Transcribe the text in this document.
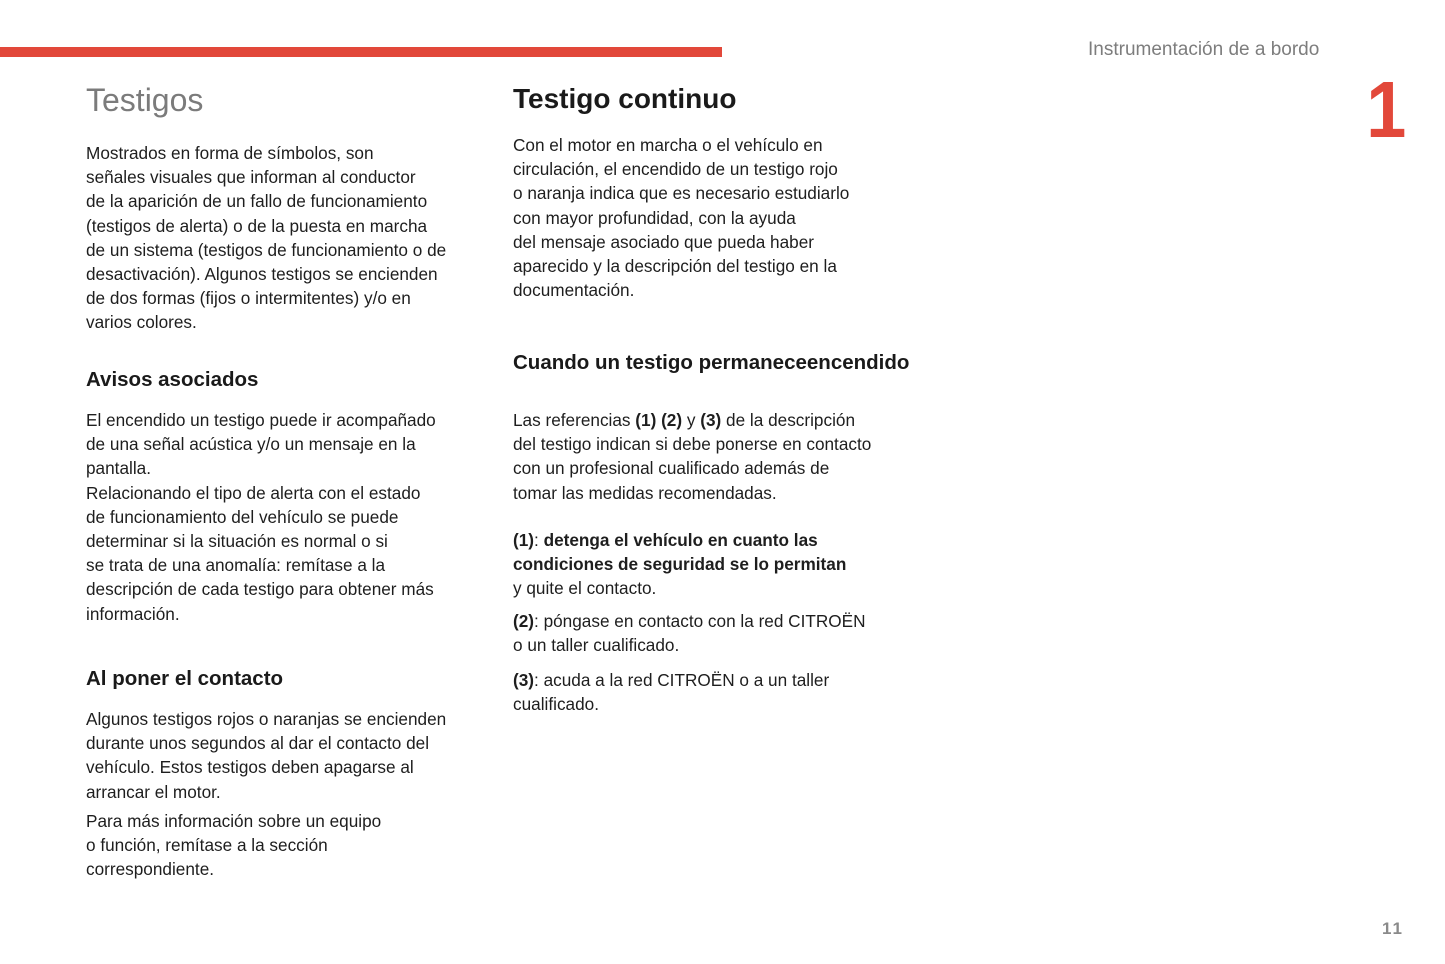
Instrumentación de a bordo
1
11
Testigos
Mostrados en forma de símbolos, son
señales visuales que informan al conductor
de la aparición de un fallo de funcionamiento
(testigos de alerta) o de la puesta en marcha
de un sistema (testigos de funcionamiento o de
desactivación). Algunos testigos se encienden
de dos formas (fijos o intermitentes) y/o en
varios colores.
Avisos asociados
El encendido un testigo puede ir acompañado
de una señal acústica y/o un mensaje en la
pantalla.
Relacionando el tipo de alerta con el estado
de funcionamiento del vehículo se puede
determinar si la situación es normal o si
se trata de una anomalía: remítase a la
descripción de cada testigo para obtener más
información.
Al poner el contacto
Algunos testigos rojos o naranjas se encienden
durante unos segundos al dar el contacto del
vehículo. Estos testigos deben apagarse al
arrancar el motor.
Para más información sobre un equipo
o función, remítase a la sección
correspondiente.
Testigo continuo
Con el motor en marcha o el vehículo en
circulación, el encendido de un testigo rojo
o naranja indica que es necesario estudiarlo
con mayor profundidad, con la ayuda
del mensaje asociado que pueda haber
aparecido y la descripción del testigo en la
documentación.
Cuando un testigo permaneceencendido
Las referencias (1) (2) y (3) de la descripción
del testigo indican si debe ponerse en contacto
con un profesional cualificado además de
tomar las medidas recomendadas.
(1): detenga el vehículo en cuanto las
condiciones de seguridad se lo permitan
y quite el contacto.
(2): póngase en contacto con la red CITROËN
o un taller cualificado.
(3): acuda a la red CITROËN o a un taller
cualificado.
